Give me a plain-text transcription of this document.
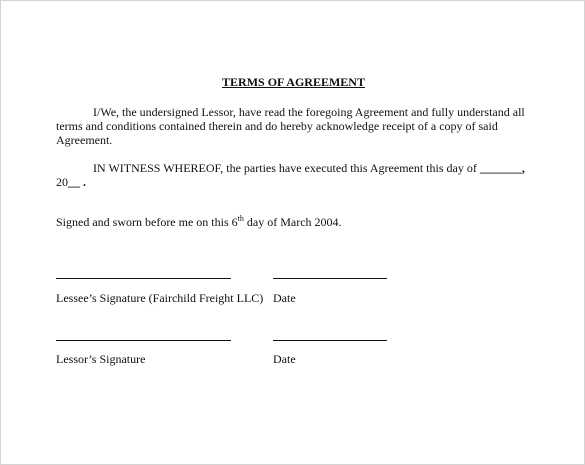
TERMS OF AGREEMENT
I/We, the undersigned Lessor, have read the foregoing Agreement and fully understand all
terms and conditions contained therein and do hereby acknowledge receipt of a copy of said
Agreement.
IN WITNESS WHEREOF, the parties have executed this Agreement this day of _______,
20__ .
Signed and sworn before me on this 6th day of March 2004.
Lessee’s Signature (Fairchild Freight LLC) Date
Lessor’s Signature	Date
